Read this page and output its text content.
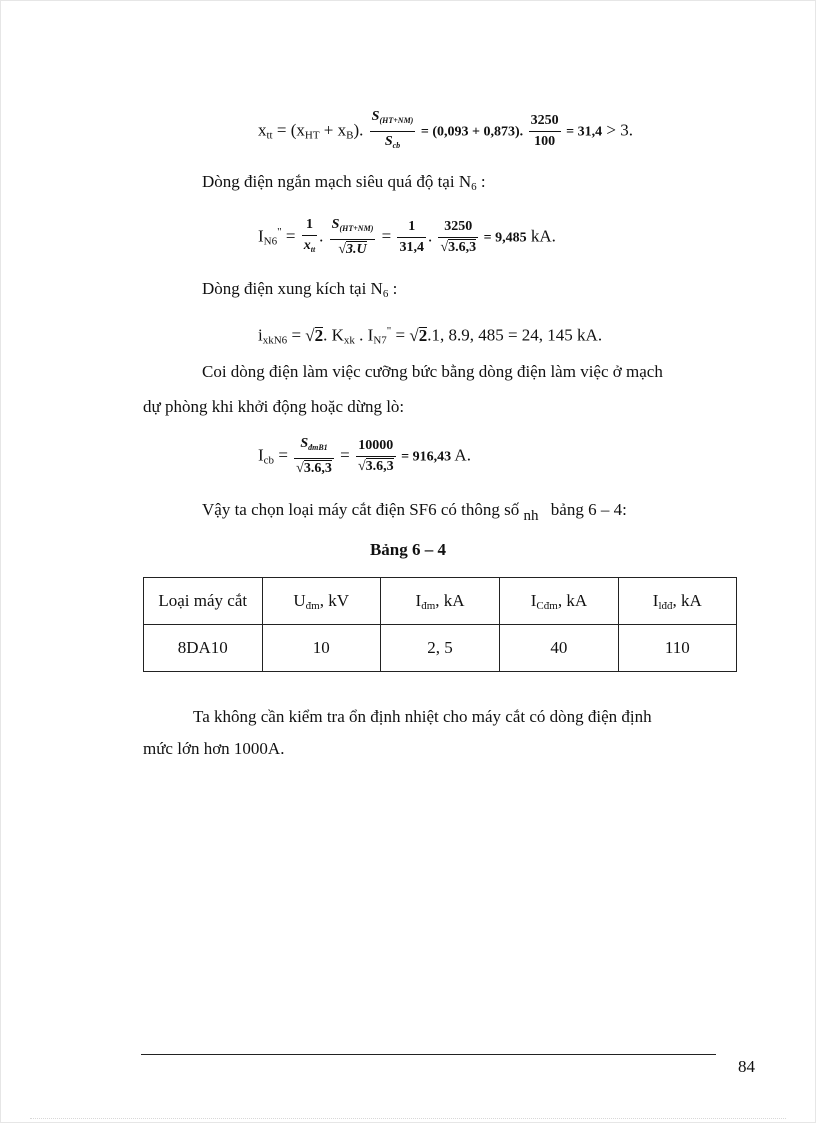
$x_{tt} = (x_{HT} + x_B)$. $\frac{S_{(HT+NM)}}{S_{cb}} = (0,093 + 0,873)$. $\frac{3250}{100} = 31,4 > 3$.
Dòng điện ngắn mạch siêu quá độ tại $N_6$ :
$I_{N6}^" = \frac{1}{x_{tt}}$ . $\frac{S_{(HT+NM)}}{√3.U} = \frac{1}{31,4}$ . $\frac{3250}{√3.6,3} = 9,485$ kA.
Dòng điện xung kích tại $N_6$ :
$i_{xkN6} = √2$. $K_{xk}$ . $I_{N7}^" = √2.1$, 8.9, 485 = 24, 145 kA.
Coi dòng điện làm việc cưỡng bức bằng dòng điện làm việc ở mạch
dự phòng khi khởi động hoặc dừng lò:
$I_{cb} = \frac{S_{đmB1}}{√3.6,3} = \frac{10000}{√3.6,3} = 916,43$ A.
Vậy ta chọn loại máy cắt điện SF6 có thông số nh bảng 6 – 4:
Bảng 6 – 4
Loại máy cắt	$U_{đm}$, kV	$I_{đm}$, kA	$I_{Cđm}$, kA	$I_{lđđ}$, kA
8DA10	10	2, 5	40	110
Ta không cần kiểm tra ổn định nhiệt cho máy cắt có dòng điện định
mức lớn hơn 1000A.
84
